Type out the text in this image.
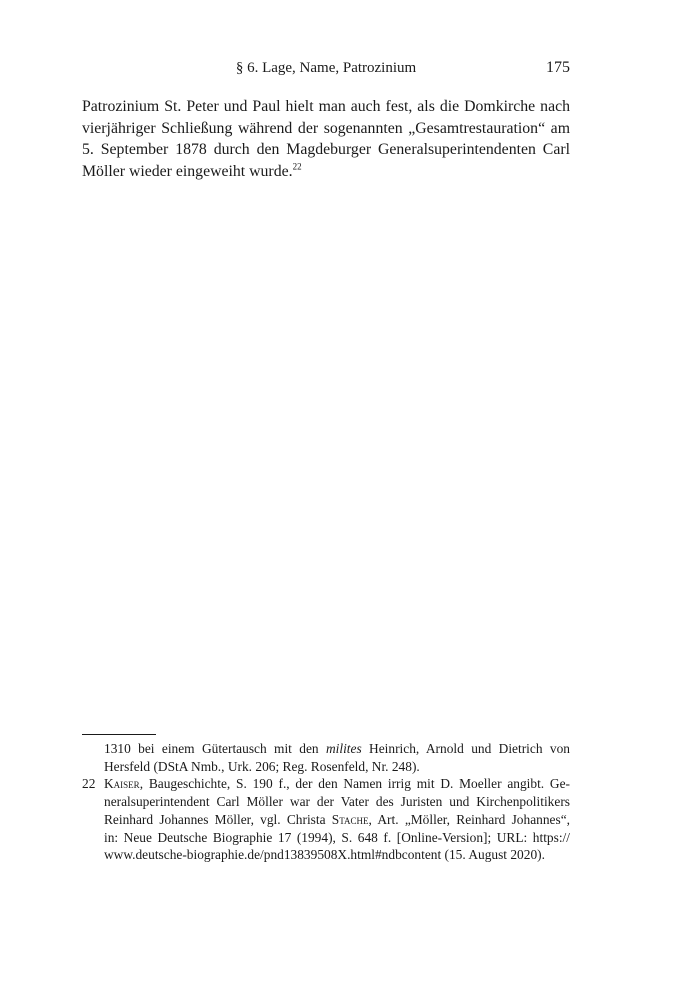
§ 6. Lage, Name, Patrozinium	175
Patrozinium St. Peter und Paul hielt man auch fest, als die Domkirche nach
vierjähriger Schließung während der sogenannten „Gesamtrestauration“ am
5. September 1878 durch den Magdeburger Generalsuperintendenten Carl
Möller wieder eingeweiht wurde.$^{22}$
1310 bei einem Gütertausch mit den milites Heinrich, Arnold und Dietrich von
Hersfeld (DStA Nmb., Urk. 206; Reg. Rosenfeld, Nr. 248).
22 Kaiser, Baugeschichte, S. 190 f., der den Namen irrig mit D. Moeller angibt. Ge-
neralsuperintendent Carl Möller war der Vater des Juristen und Kirchenpolitikers
Reinhard Johannes Möller, vgl. Christa Stache, Art. „Möller, Reinhard Johannes“,
in: Neue Deutsche Biographie 17 (1994), S. 648 f. [Online-Version]; URL: https://
www.deutsche-biographie.de/pnd13839508X.html#ndbcontent (15. August 2020).
